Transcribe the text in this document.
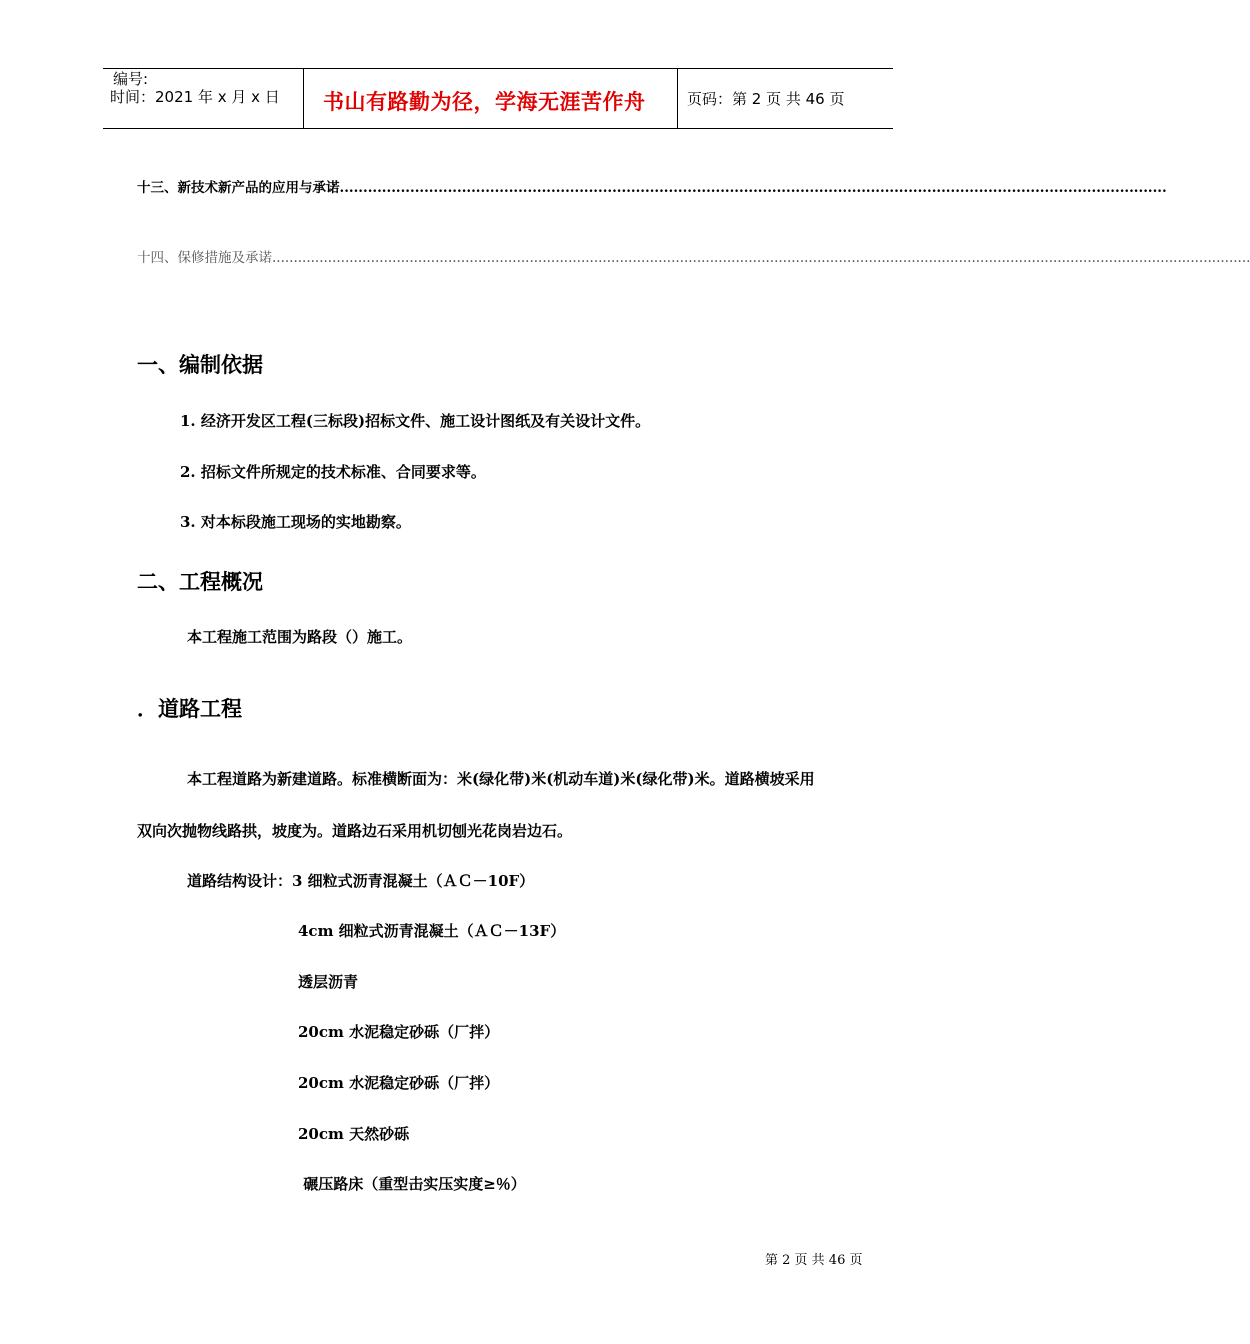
编号:
时间：2021 年 x 月 x 日 书山有路勤为径，学海无涯苦作舟	页码：第 2 页 共 46 页
十三、新技术新产品的应用与承诺................................................................................................................................................................................
十四、保修措施及承诺....................................................................................................................................................................................................................................
一、编制依据
1. 经济开发区工程(三标段)招标文件、施工设计图纸及有关设计文件。
2. 招标文件所规定的技术标准、合同要求等。
3. 对本标段施工现场的实地勘察。
二、工程概况
本工程施工范围为路段（）施工。
．道路工程
本工程道路为新建道路。标准横断面为：米(绿化带)米(机动车道)米(绿化带)米。道路横坡采用
双向次抛物线路拱，坡度为。道路边石采用机切刨光花岗岩边石。
道路结构设计：3 细粒式沥青混凝土（ＡＣ－10F）
4cm 细粒式沥青混凝土（ＡＣ－13F）
透层沥青
20cm 水泥稳定砂砾（厂拌）
20cm 水泥稳定砂砾（厂拌）
20cm 天然砂砾
碾压路床（重型击实压实度≥％）
第 2 页 共 46 页
